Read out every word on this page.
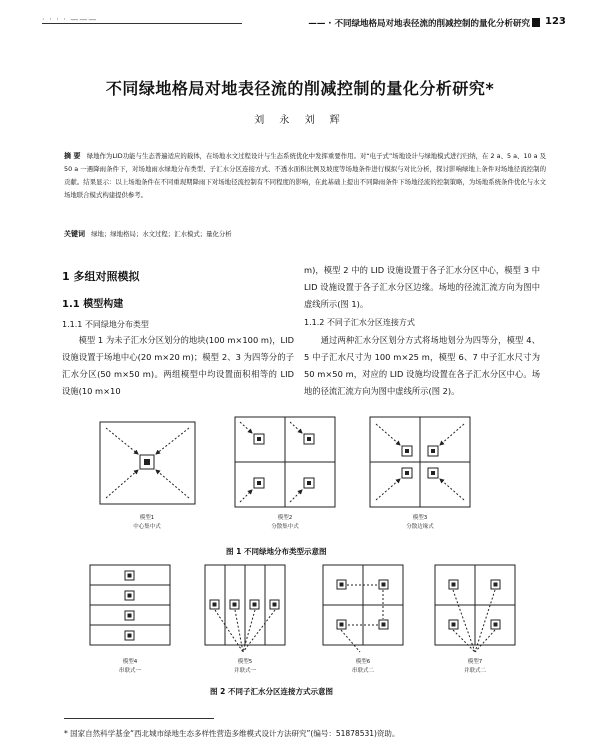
· · · · ———	—— · 不同绿地格局对地表径流的削减控制的量化分析研究 123
不同绿地格局对地表径流的削减控制的量化分析研究*
刘 永 刘 辉
摘 要 绿地作为LID功能与生态普遍适应的载体，在场地水文过程设计与生态系统优化中发挥重要作用。对“电子式”场地设计与绿地模式进行归纳，在 2 a、5 a、10 a 及 50 a 一遇降雨条件下，对场地雨水绿地分布类型、子汇水分区连接方式、不透水面积比例及坡度等场地条件进行模拟与对比分析，探讨影响绿地上条件对场地径流控制的贡献。结果显示：以上场地条件在不同重现期降雨下对场地径流控制有不同程度的影响，在此基础上提出不同降雨条件下场地径流的控制策略，为场地系统条件优化与水文场地联合模式构建提供参考。
关键词 绿地；绿地格局；水文过程；汇水模式；量化分析
1 多组对照模拟
1.1 模型构建
1.1.1 不同绿地分布类型

模型 1 为未子汇水分区划分的地块(100 m×100 m)，LID设施设置于场地中心(20 m×20 m)；模型 2、3 为四等分的子汇水分区(50 m×50 m)。两组模型中均设置面积相等的 LID 设施(10 m×10

m)，模型 2 中的 LID 设施设置于各子汇水分区中心，模型 3 中 LID 设施设置于各子汇水分区边缘。场地的径流汇流方向为图中虚线所示(图 1)。

1.1.2 不同子汇水分区连接方式

通过两种汇水分区划分方式将场地划分为四等分，模型 4、5 中子汇水尺寸为 100 m×25 m，模型 6、7 中子汇水尺寸为 50 m×50 m，对应的 LID 设施均设置在各子汇水分区中心。场地的径流汇流方向为图中虚线所示(图 2)。

模型1
中心集中式
模型2
分散集中式
模型3
分散边缘式
图 1 不同绿地分布类型示意图
模型4
串联式一
模型5
并联式一
模型6
串联式二
模型7
并联式二
图 2 不同子汇水分区连接方式示意图
* 国家自然科学基金“西北城市绿地生态多样性营造多维模式设计方法研究”(编号：51878531)资助。
